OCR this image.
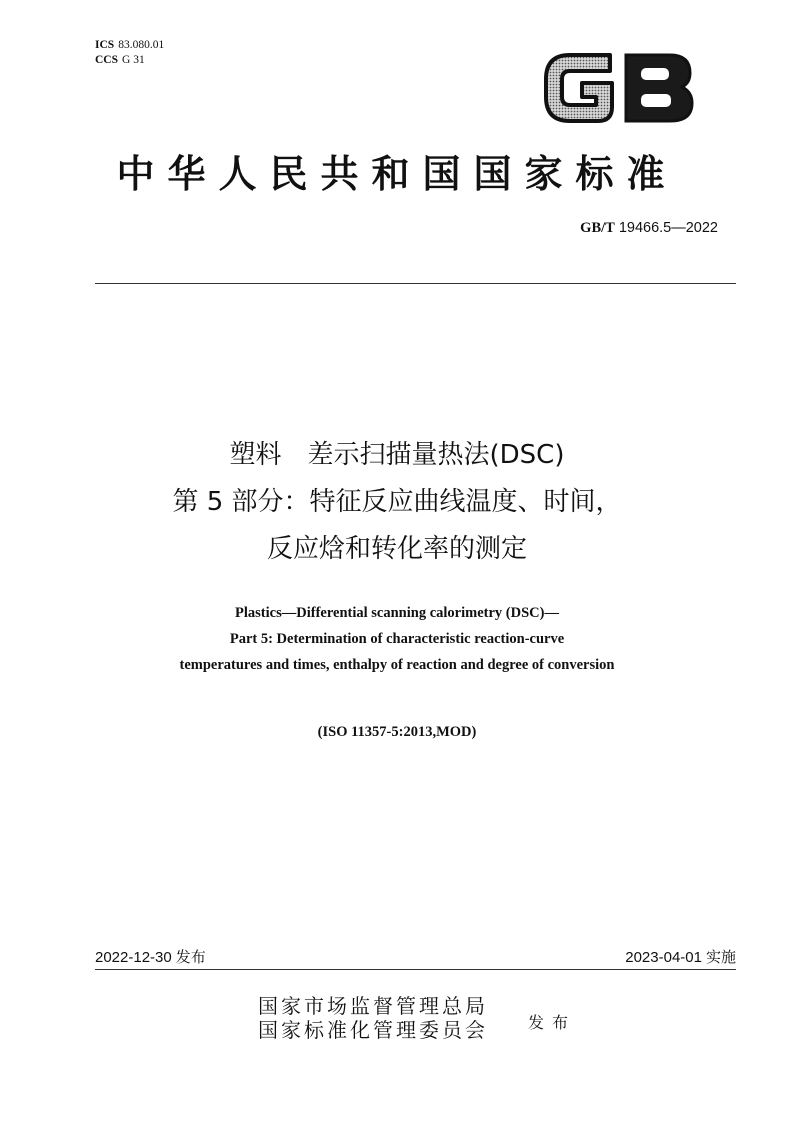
ICS 83.080.01
CCS G 31
中华人民共和国国家标准
GB/T 19466.5—2022
塑料　差示扫描量热法(DSC)
第 5 部分：特征反应曲线温度、时间，
反应焓和转化率的测定
Plastics—Differential scanning calorimetry (DSC)—
Part 5: Determination of characteristic reaction-curve
temperatures and times, enthalpy of reaction and degree of conversion
(ISO 11357-5:2013,MOD)
2022-12-30 发布	2023-04-01 实施
国家市场监督管理总局
国家标准化管理委员会	发布
